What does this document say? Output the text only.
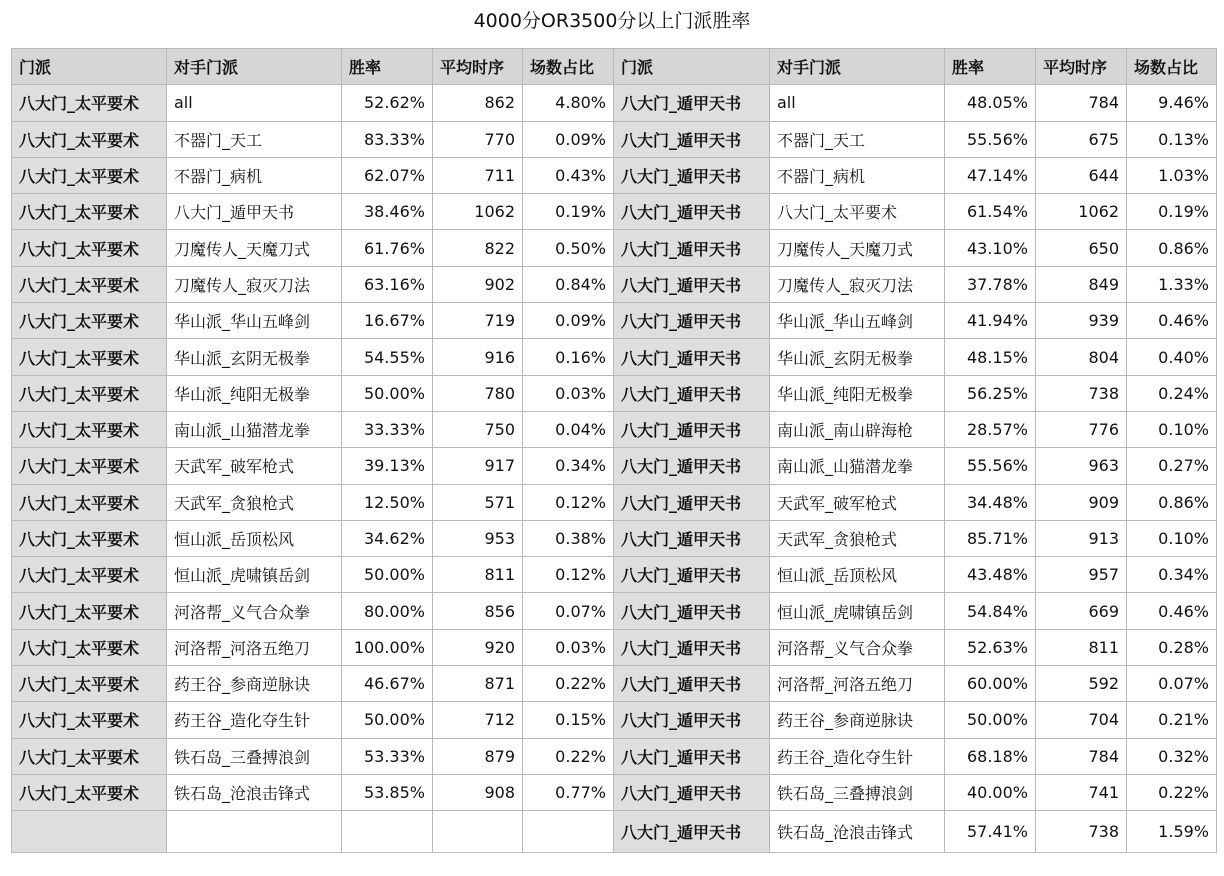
4000分OR3500分以上门派胜率
门派	对手门派	胜率	平均时序	场数占比	门派	对手门派	胜率	平均时序	场数占比
八大门_太平要术	all	52.62%	862	4.80%	八大门_遁甲天书	all	48.05%	784	9.46%
八大门_太平要术	不器门_天工	83.33%	770	0.09%	八大门_遁甲天书	不器门_天工	55.56%	675	0.13%
八大门_太平要术	不器门_病机	62.07%	711	0.43%	八大门_遁甲天书	不器门_病机	47.14%	644	1.03%
八大门_太平要术	八大门_遁甲天书	38.46%	1062	0.19%	八大门_遁甲天书	八大门_太平要术	61.54%	1062	0.19%
八大门_太平要术	刀魔传人_天魔刀式	61.76%	822	0.50%	八大门_遁甲天书	刀魔传人_天魔刀式	43.10%	650	0.86%
八大门_太平要术	刀魔传人_寂灭刀法	63.16%	902	0.84%	八大门_遁甲天书	刀魔传人_寂灭刀法	37.78%	849	1.33%
八大门_太平要术	华山派_华山五峰剑	16.67%	719	0.09%	八大门_遁甲天书	华山派_华山五峰剑	41.94%	939	0.46%
八大门_太平要术	华山派_玄阴无极拳	54.55%	916	0.16%	八大门_遁甲天书	华山派_玄阴无极拳	48.15%	804	0.40%
八大门_太平要术	华山派_纯阳无极拳	50.00%	780	0.03%	八大门_遁甲天书	华山派_纯阳无极拳	56.25%	738	0.24%
八大门_太平要术	南山派_山猫潜龙拳	33.33%	750	0.04%	八大门_遁甲天书	南山派_南山辟海枪	28.57%	776	0.10%
八大门_太平要术	天武军_破军枪式	39.13%	917	0.34%	八大门_遁甲天书	南山派_山猫潜龙拳	55.56%	963	0.27%
八大门_太平要术	天武军_贪狼枪式	12.50%	571	0.12%	八大门_遁甲天书	天武军_破军枪式	34.48%	909	0.86%
八大门_太平要术	恒山派_岳顶松风	34.62%	953	0.38%	八大门_遁甲天书	天武军_贪狼枪式	85.71%	913	0.10%
八大门_太平要术	恒山派_虎啸镇岳剑	50.00%	811	0.12%	八大门_遁甲天书	恒山派_岳顶松风	43.48%	957	0.34%
八大门_太平要术	河洛帮_义气合众拳	80.00%	856	0.07%	八大门_遁甲天书	恒山派_虎啸镇岳剑	54.84%	669	0.46%
八大门_太平要术	河洛帮_河洛五绝刀	100.00%	920	0.03%	八大门_遁甲天书	河洛帮_义气合众拳	52.63%	811	0.28%
八大门_太平要术	药王谷_参商逆脉诀	46.67%	871	0.22%	八大门_遁甲天书	河洛帮_河洛五绝刀	60.00%	592	0.07%
八大门_太平要术	药王谷_造化夺生针	50.00%	712	0.15%	八大门_遁甲天书	药王谷_参商逆脉诀	50.00%	704	0.21%
八大门_太平要术	铁石岛_三叠搏浪剑	53.33%	879	0.22%	八大门_遁甲天书	药王谷_造化夺生针	68.18%	784	0.32%
八大门_太平要术	铁石岛_沧浪击锋式	53.85%	908	0.77%	八大门_遁甲天书	铁石岛_三叠搏浪剑	40.00%	741	0.22%
					八大门_遁甲天书	铁石岛_沧浪击锋式	57.41%	738	1.59%
